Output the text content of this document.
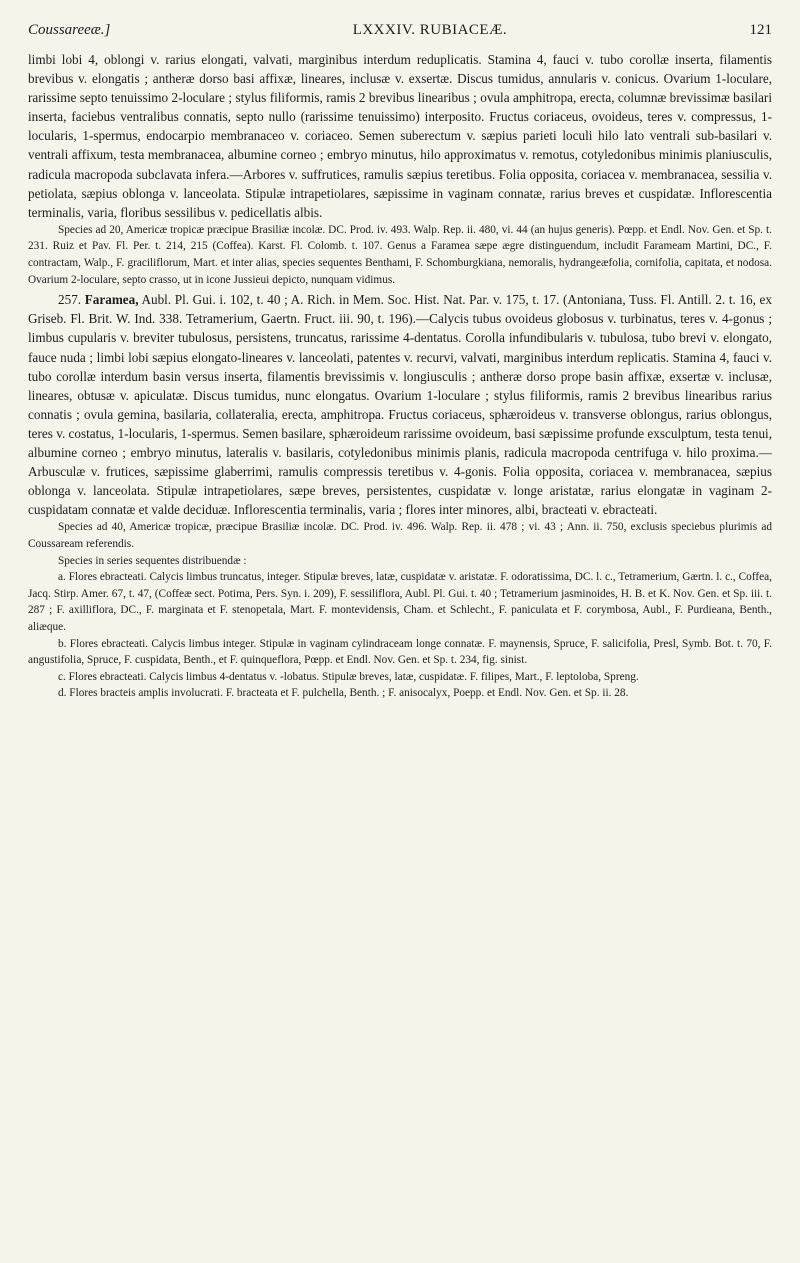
Coussareeæ.]	LXXXIV. RUBIACEÆ.	121

limbi lobi 4, oblongi v. rarius elongati, valvati, marginibus interdum reduplicatis. Stamina 4, fauci v. tubo corollæ inserta, filamentis brevibus v. elongatis ; antheræ dorso basi affixæ, lineares, inclusæ v. exsertæ. Discus tumidus, annularis v. conicus. Ovarium 1-loculare, rarissime septo tenuissimo 2-loculare ; stylus filiformis, ramis 2 brevibus linearibus ; ovula amphitropa, erecta, columnæ brevissimæ basilari inserta, faciebus ventralibus connatis, septo nullo (rarissime tenuissimo) interposito. Fructus coriaceus, ovoideus, teres v. compressus, 1-locularis, 1-spermus, endocarpio membranaceo v. coriaceo. Semen suberectum v. sæpius parieti loculi hilo lato ventrali sub-basilari v. ventrali affixum, testa membranacea, albumine corneo ; embryo minutus, hilo approximatus v. remotus, cotyledonibus minimis planiusculis, radicula macropoda subclavata infera.—Arbores v. suffrutices, ramulis sæpius teretibus. Folia opposita, coriacea v. membranacea, sessilia v. petiolata, sæpius oblonga v. lanceolata. Stipulæ intrapetiolares, sæpissime in vaginam connatæ, rarius breves et cuspidatæ. Inflorescentia terminalis, varia, floribus sessilibus v. pedicellatis albis.

Species ad 20, Americæ tropicæ præcipue Brasiliæ incolæ. DC. Prod. iv. 493. Walp. Rep. ii. 480, vi. 44 (an hujus generis). Pœpp. et Endl. Nov. Gen. et Sp. t. 231. Ruiz et Pav. Fl. Per. t. 214, 215 (Coffea). Karst. Fl. Colomb. t. 107. Genus a Faramea sæpe ægre distinguendum, includit Farameam Martini, DC., F. contractam, Walp., F. graciliflorum, Mart. et inter alias, species sequentes Benthami, F. Schomburgkiana, nemoralis, hydrangeæfolia, cornifolia, capitata, et nodosa. Ovarium 2-loculare, septo crasso, ut in icone Jussieui depicto, nunquam vidimus.

257. Faramea, Aubl. Pl. Gui. i. 102, t. 40 ; A. Rich. in Mem. Soc. Hist. Nat. Par. v. 175, t. 17. (Antoniana, Tuss. Fl. Antill. 2. t. 16, ex Griseb. Fl. Brit. W. Ind. 338. Tetramerium, Gaertn. Fruct. iii. 90, t. 196).—Calycis tubus ovoideus globosus v. turbinatus, teres v. 4-gonus ; limbus cupularis v. breviter tubulosus, persistens, truncatus, rarissime 4-dentatus. Corolla infundibularis v. tubulosa, tubo brevi v. elongato, fauce nuda ; limbi lobi sæpius elongato-lineares v. lanceolati, patentes v. recurvi, valvati, marginibus interdum replicatis. Stamina 4, fauci v. tubo corollæ interdum basin versus inserta, filamentis brevissimis v. longiusculis ; antheræ dorso prope basin affixæ, exsertæ v. inclusæ, lineares, obtusæ v. apiculatæ. Discus tumidus, nunc elongatus. Ovarium 1-loculare ; stylus filiformis, ramis 2 brevibus linearibus rarius connatis ; ovula gemina, basilaria, collateralia, erecta, amphitropa. Fructus coriaceus, sphæroideus v. transverse oblongus, rarius oblongus, teres v. costatus, 1-locularis, 1-spermus. Semen basilare, sphæroideum rarissime ovoideum, basi sæpissime profunde exsculptum, testa tenui, albumine corneo ; embryo minutus, lateralis v. basilaris, cotyledonibus minimis planis, radicula macropoda centrifuga v. hilo proxima.—Arbusculæ v. frutices, sæpissime glaberrimi, ramulis compressis teretibus v. 4-gonis. Folia opposita, coriacea v. membranacea, sæpius oblonga v. lanceolata. Stipulæ intrapetiolares, sæpe breves, persistentes, cuspidatæ v. longe aristatæ, rarius elongatæ in vaginam 2-cuspidatam connatæ et valde deciduæ. Inflorescentia terminalis, varia ; flores inter minores, albi, bracteati v. ebracteati.

Species ad 40, Americæ tropicæ, præcipue Brasiliæ incolæ. DC. Prod. iv. 496. Walp. Rep. ii. 478 ; vi. 43 ; Ann. ii. 750, exclusis speciebus plurimis ad Coussaream referendis.

Species in series sequentes distribuendæ :

a. Flores ebracteati. Calycis limbus truncatus, integer. Stipulæ breves, latæ, cuspidatæ v. aristatæ. F. odoratissima, DC. l. c., Tetramerium, Gærtn. l. c., Coffea, Jacq. Stirp. Amer. 67, t. 47, (Coffeæ sect. Potima, Pers. Syn. i. 209), F. sessiliflora, Aubl. Pl. Gui. t. 40 ; Tetramerium jasminoides, H. B. et K. Nov. Gen. et Sp. iii. t. 287 ; F. axilliflora, DC., F. marginata et F. stenopetala, Mart. F. montevidensis, Cham. et Schlecht., F. paniculata et F. corymbosa, Aubl., F. Purdieana, Benth., aliæque.

b. Flores ebracteati. Calycis limbus integer. Stipulæ in vaginam cylindraceam longe connatæ. F. maynensis, Spruce, F. salicifolia, Presl, Symb. Bot. t. 70, F. angustifolia, Spruce, F. cuspidata, Benth., et F. quinqueflora, Pœpp. et Endl. Nov. Gen. et Sp. t. 234, fig. sinist.

c. Flores ebracteati. Calycis limbus 4-dentatus v. -lobatus. Stipulæ breves, latæ, cuspidatæ. F. filipes, Mart., F. leptoloba, Spreng.

d. Flores bracteis amplis involucrati. F. bracteata et F. pulchella, Benth. ; F. anisocalyx, Poepp. et Endl. Nov. Gen. et Sp. ii. 28.
